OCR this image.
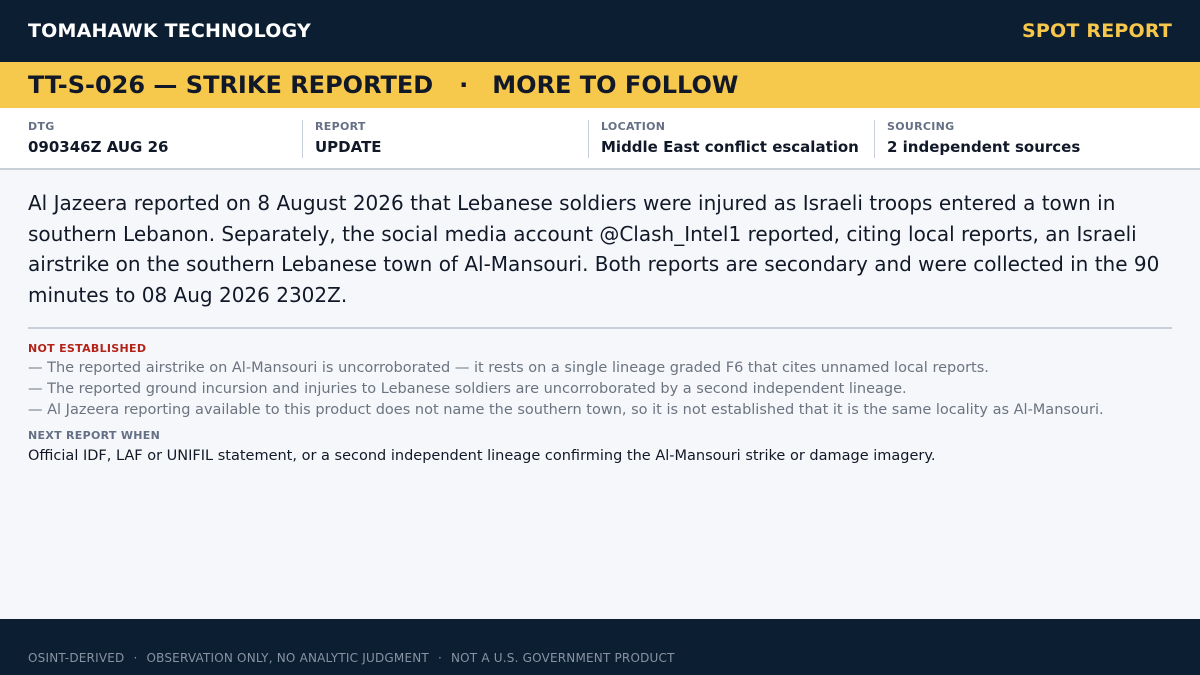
TOMAHAWK TECHNOLOGY	SPOT REPORT
TT-S-026 — STRIKE REPORTED · MORE TO FOLLOW
DTG
090346Z AUG 26
REPORT
UPDATE
LOCATION
Middle East conflict escalation
SOURCING
2 independent sources

Al Jazeera reported on 8 August 2026 that Lebanese soldiers were injured as Israeli troops entered a town in southern Lebanon. Separately, the social media account @Clash_Intel1 reported, citing local reports, an Israeli airstrike on the southern Lebanese town of Al-Mansouri. Both reports are secondary and were collected in the 90 minutes to 08 Aug 2026 2302Z.

NOT ESTABLISHED
— The reported airstrike on Al-Mansouri is uncorroborated — it rests on a single lineage graded F6 that cites unnamed local reports.
— The reported ground incursion and injuries to Lebanese soldiers are uncorroborated by a second independent lineage.
— Al Jazeera reporting available to this product does not name the southern town, so it is not established that it is the same locality as Al-Mansouri.
NEXT REPORT WHEN
Official IDF, LAF or UNIFIL statement, or a second independent lineage confirming the Al-Mansouri strike or damage imagery.
OSINT-DERIVED · OBSERVATION ONLY, NO ANALYTIC JUDGMENT · NOT A U.S. GOVERNMENT PRODUCT
